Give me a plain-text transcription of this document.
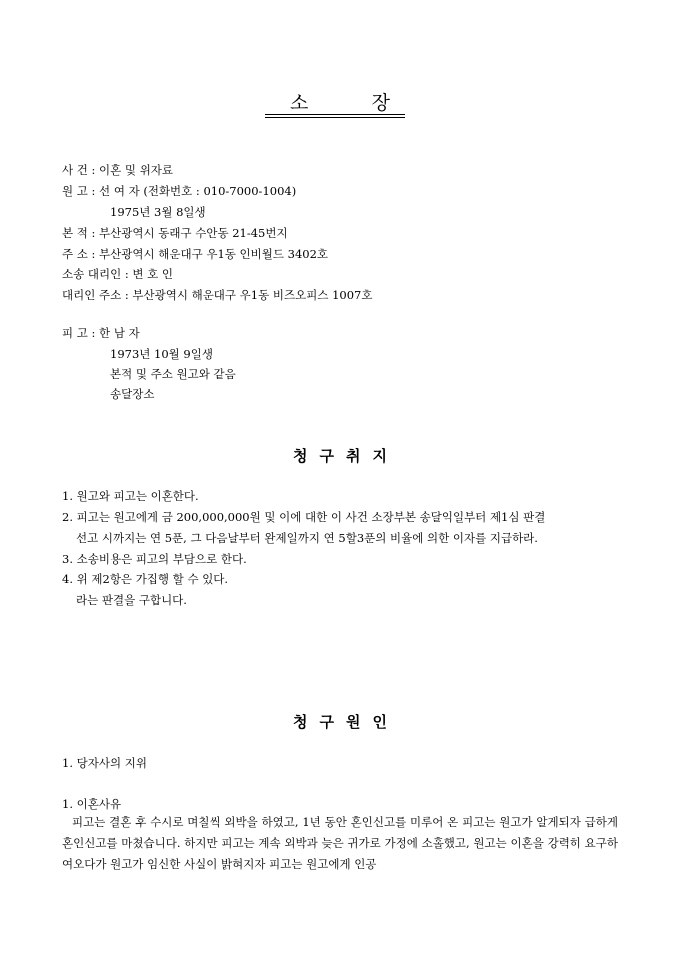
소	장
사 건 : 이혼 및 위자료
원 고 : 선 여 자 (전화번호 : 010-7000-1004)
1975년 3월 8일생
본 적 : 부산광역시 동래구 수안동 21-45번지
주 소 : 부산광역시 해운대구 우1동 인비월드 3402호
소송 대리인 : 변 호 인
대리인 주소 : 부산광역시 해운대구 우1동 비즈오피스 1007호
피 고 : 한 남 자
1973년 10월 9일생
본적 및 주소 원고와 같음
송달장소
청 구 취 지
1. 원고와 피고는 이혼한다.
2. 피고는 원고에게 금 200,000,000원 및 이에 대한 이 사건 소장부본 송달익일부터 제1심 판결
선고 시까지는 연 5푼, 그 다음날부터 완제일까지 연 5할3푼의 비율에 의한 이자를 지급하라.
3. 소송비용은 피고의 부담으로 한다.
4. 위 제2항은 가집행 할 수 있다.
라는 판결을 구합니다.
청 구 원 인
1. 당자사의 지위
1. 이혼사유
피고는 결혼 후 수시로 며칠씩 외박을 하였고, 1년 동안 혼인신고를 미루어 온 피고는 원고가 알게되자 급하게 혼인신고를 마쳤습니다. 하지만 피고는 계속 외박과 늦은 귀가로 가정에 소홀했고, 원고는 이혼을 강력히 요구하여오다가 원고가 임신한 사실이 밝혀지자 피고는 원고에게 인공
